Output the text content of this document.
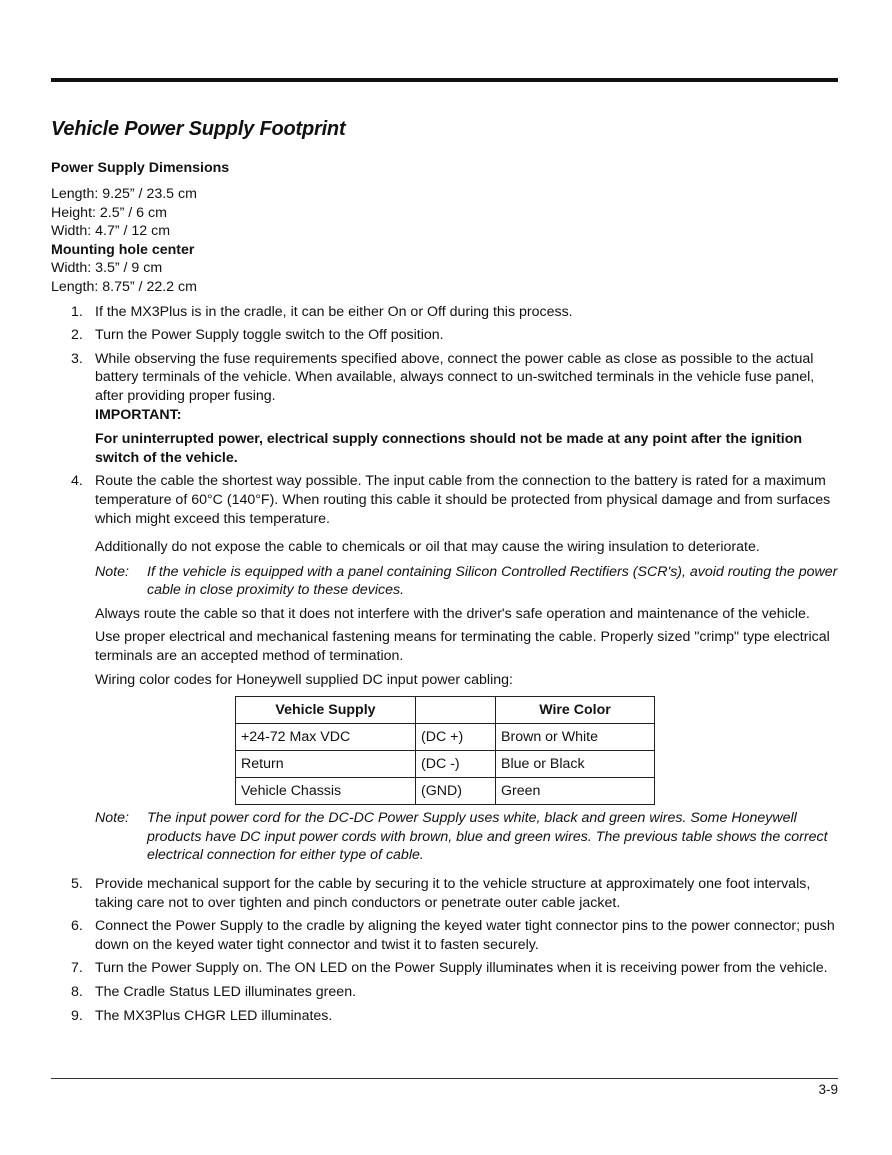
Vehicle Power Supply Footprint
Power Supply Dimensions

Length: 9.25” / 23.5 cm

Height: 2.5” / 6 cm

Width: 4.7” / 12 cm

Mounting hole center

Width: 3.5” / 9 cm

Length: 8.75” / 22.2 cm

1. If the MX3Plus is in the cradle, it can be either On or Off during this process.

2. Turn the Power Supply toggle switch to the Off position.

3. While observing the fuse requirements specified above, connect the power cable as close as possible to the actual battery terminals of the vehicle. When available, always connect to un-switched terminals in the vehicle fuse panel, after providing proper fusing.

IMPORTANT:

For uninterrupted power, electrical supply connections should not be made at any point after the ignition switch of the vehicle.

4. Route the cable the shortest way possible. The input cable from the connection to the battery is rated for a maximum temperature of 60°C (140°F). When routing this cable it should be protected from physical damage and from surfaces which might exceed this temperature.

Additionally do not expose the cable to chemicals or oil that may cause the wiring insulation to deteriorate.

Note: If the vehicle is equipped with a panel containing Silicon Controlled Rectifiers (SCR's), avoid routing the power cable in close proximity to these devices.

Always route the cable so that it does not interfere with the driver's safe operation and maintenance of the vehicle.

Use proper electrical and mechanical fastening means for terminating the cable. Properly sized "crimp" type electrical terminals are an accepted method of termination.

Wiring color codes for Honeywell supplied DC input power cabling:

Vehicle Supply		Wire Color
+24-72 Max VDC	(DC +)	Brown or White
Return	(DC -)	Blue or Black
Vehicle Chassis	(GND)	Green

Note: The input power cord for the DC-DC Power Supply uses white, black and green wires. Some Honeywell products have DC input power cords with brown, blue and green wires. The previous table shows the correct electrical connection for either type of cable.

5. Provide mechanical support for the cable by securing it to the vehicle structure at approximately one foot intervals, taking care not to over tighten and pinch conductors or penetrate outer cable jacket.

6. Connect the Power Supply to the cradle by aligning the keyed water tight connector pins to the power connector; push down on the keyed water tight connector and twist it to fasten securely.

7. Turn the Power Supply on. The ON LED on the Power Supply illuminates when it is receiving power from the vehicle.

8. The Cradle Status LED illuminates green.

9. The MX3Plus CHGR LED illuminates.

3-9
